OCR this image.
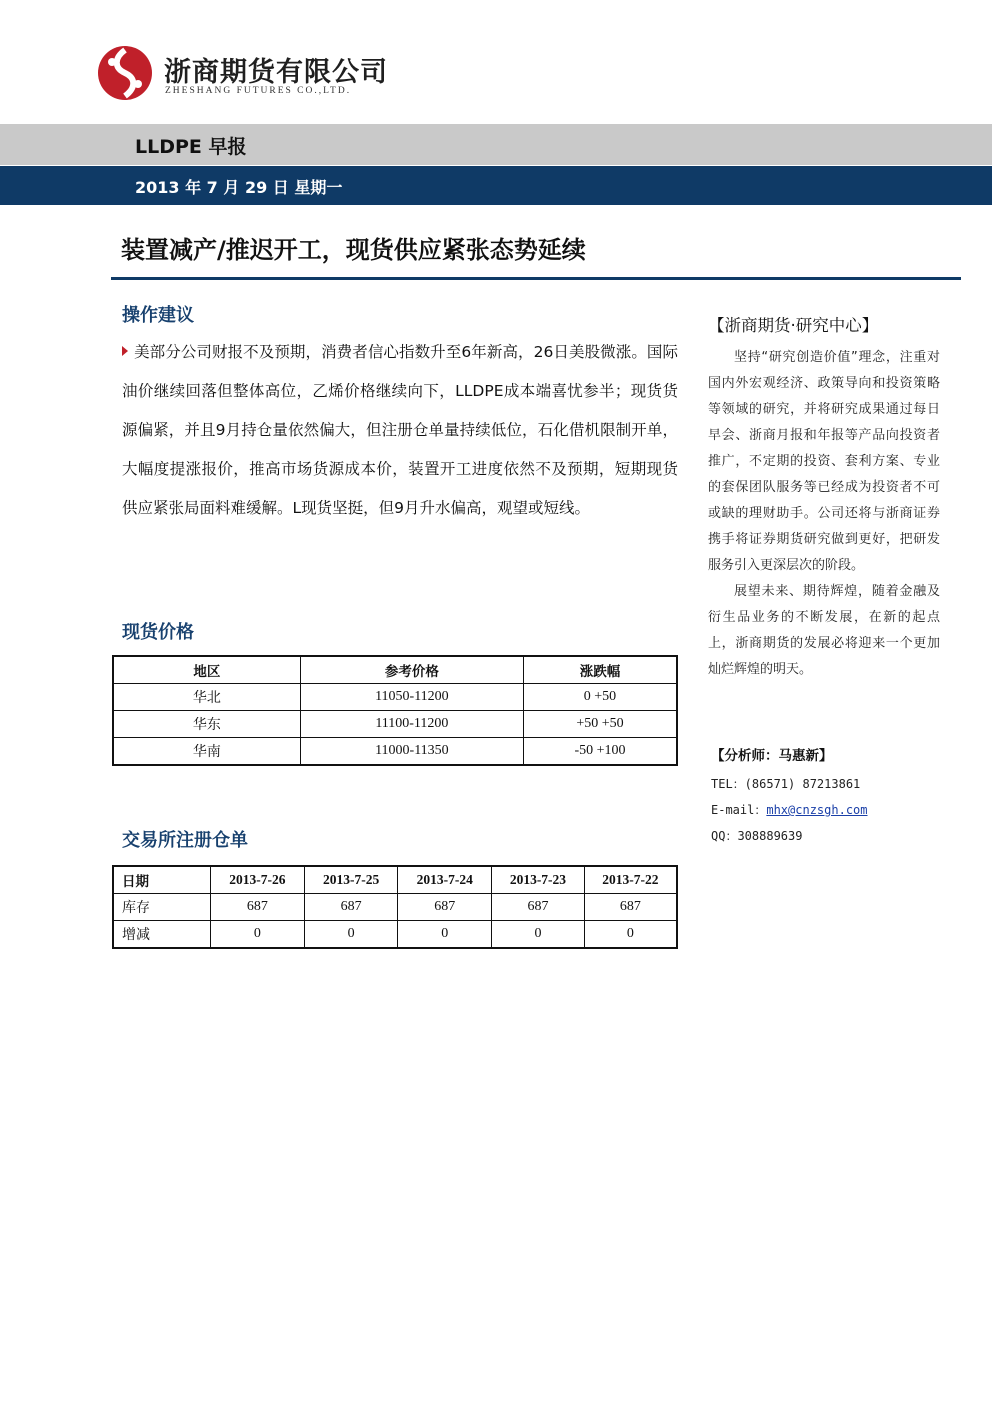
浙商期货有限公司
ZHESHANG FUTURES CO.,LTD.
LLDPE 早报
2013 年 7 月 29 日 星期一
装置减产/推迟开工，现货供应紧张态势延续
操作建议
美部分公司财报不及预期，消费者信心指数升至6年新高，26日美股微涨。国际油价继续回落但整体高位，乙烯价格继续向下，LLDPE成本端喜忧参半；现货货源偏紧，并且9月持仓量依然偏大，但注册仓单量持续低位，石化借机限制开单，大幅度提涨报价，推高市场货源成本价，装置开工进度依然不及预期，短期现货供应紧张局面料难缓解。L现货坚挺，但9月升水偏高，观望或短线。
现货价格
地区	参考价格	涨跌幅
华北	11050-11200	0 +50
华东	11100-11200	+50 +50
华南	11000-11350	-50 +100
交易所注册仓单
日期	2013-7-26	2013-7-25	2013-7-24	2013-7-23	2013-7-22
库存	687	687	687	687	687
增减	0	0	0	0	0
【浙商期货·研究中心】

坚持“研究创造价值”理念，注重对国内外宏观经济、政策导向和投资策略等领域的研究，并将研究成果通过每日早会、浙商月报和年报等产品向投资者推广，不定期的投资、套利方案、专业的套保团队服务等已经成为投资者不可或缺的理财助手。公司还将与浙商证券携手将证券期货研究做到更好，把研发服务引入更深层次的阶段。

展望未来、期待辉煌，随着金融及衍生品业务的不断发展，在新的起点上，浙商期货的发展必将迎来一个更加灿烂辉煌的明天。

【分析师：马惠新】
TEL：(86571) 87213861
E-mail：mhx@cnzsgh.com
QQ：308889639
